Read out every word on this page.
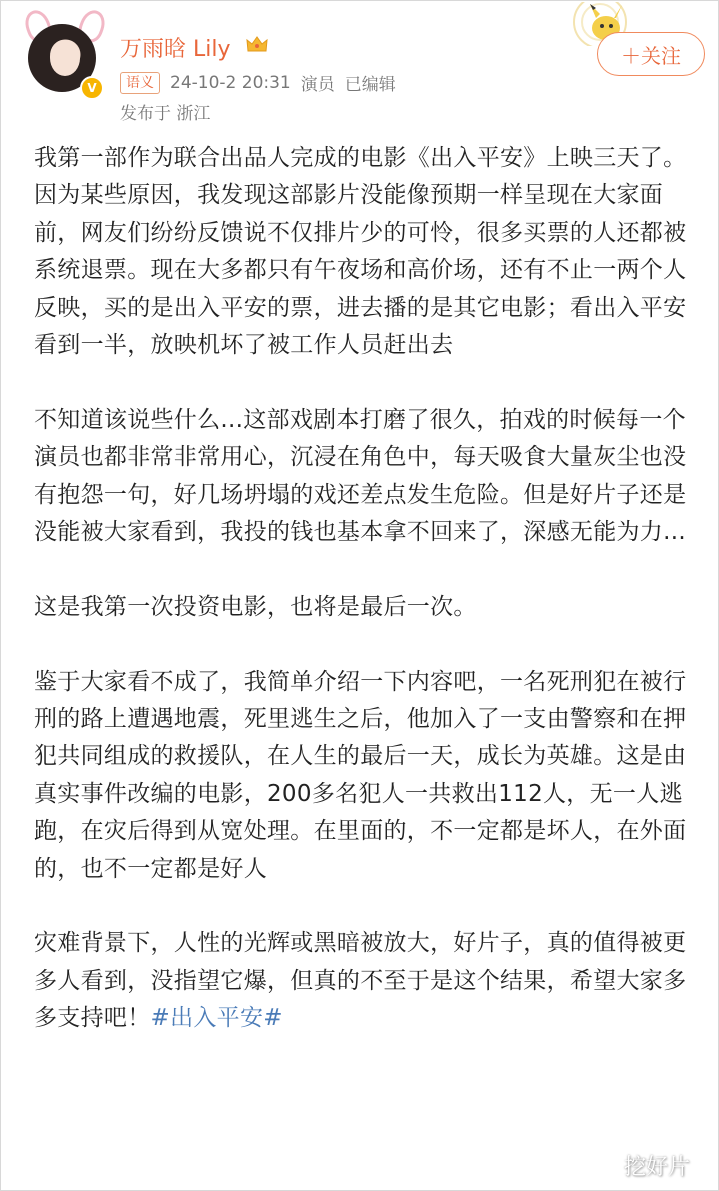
V
万雨晗 Lily
语义 24-10-2 20:31 演员 已编辑
发布于 浙江
＋关注

我第一部作为联合出品人完成的电影《出入平安》上映三天了。因为某些原因，我发现这部影片没能像预期一样呈现在大家面前，网友们纷纷反馈说不仅排片少的可怜，很多买票的人还都被系统退票。现在大多都只有午夜场和高价场，还有不止一两个人反映，买的是出入平安的票，进去播的是其它电影；看出入平安看到一半，放映机坏了被工作人员赶出去

不知道该说些什么...这部戏剧本打磨了很久，拍戏的时候每一个演员也都非常非常用心，沉浸在角色中，每天吸食大量灰尘也没有抱怨一句，好几场坍塌的戏还差点发生危险。但是好片子还是没能被大家看到，我投的钱也基本拿不回来了，深感无能为力...

这是我第一次投资电影，也将是最后一次。

鉴于大家看不成了，我简单介绍一下内容吧，一名死刑犯在被行刑的路上遭遇地震，死里逃生之后，他加入了一支由警察和在押犯共同组成的救援队，在人生的最后一天，成长为英雄。这是由真实事件改编的电影，200多名犯人一共救出112人，无一人逃跑，在灾后得到从宽处理。在里面的，不一定都是坏人，在外面的，也不一定都是好人

灾难背景下，人性的光辉或黑暗被放大，好片子，真的值得被更多人看到，没指望它爆，但真的不至于是这个结果，希望大家多多支持吧！#出入平安#

挖好片
